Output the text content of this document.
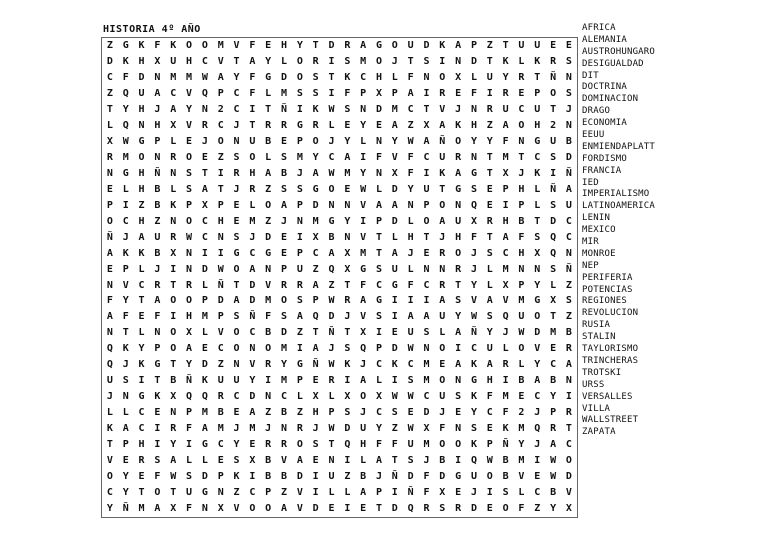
HISTORIA 4º AÑO
Z G K F K O O M V F E H Y T D R A G O U D K A P Z T U U E E
D K H X U H C V T A Y L O R I S M O J T S I N D T K L K R S
C F D N M M W A Y F G D O S T K C H L F N O X L U Y R T Ñ N
Z Q U A C V Q P C F L M S S I F P X P A I R E F I R E P O S
T Y H J A Y N 2 C I T Ñ I K W S N D M C T V J N R U C U T J
L Q N H X V R C J T R R G R L E Y E A Z X A K H Z A O H 2 N
X W G P L E J O N U B E P O J Y L N Y W A Ñ O Y Y F N G U B
R M O N R O E Z S O L S M Y C A I F V F C U R N T M T C S D
N G H Ñ N S T I R H A B J A W M Y N X F I K A G T X J K I Ñ
E L H B L S A T J R Z S S G O E W L D Y U T G S E P H L Ñ A
P I Z B K P X P E L O A P D N N V A A N P O N Q E I P L S U
O C H Z N O C H E M Z J N M G Y I P D L O A U X R H B T D C
Ñ J A U R W C N S J D E I X B N V T L H T J H F T A F S Q C
A K K B X N I I G C G E P C A X M T A J E R O J S C H X Q N
E P L J I N D W O A N P U Z Q X G S U L N N R J L M N N S Ñ
N V C R T R L Ñ T D V R R A Z T F C G F C R T Y L X P Y L Z
F Y T A O O P D A D M O S P W R A G I I I A S V A V M G X S
A F E F I H M P S Ñ F S A Q D J V S I A A U Y W S Q U O T Z
N T L N O X L V O C B D Z T Ñ T X I E U S L A Ñ Y J W D M B
Q K Y P O A E C O N O M I A J S Q P D W N O I C U L O V E R
Q J K G T Y D Z N V R Y G Ñ W K J C K C M E A K A R L Y C A
U S I T B Ñ K U U Y I M P E R I A L I S M O N G H I B A B N
J N G K X Q Q R C D N C L X L X O X W W C U S K F M E C Y I
L L C E N P M B E A Z B Z H P S J C S E D J E Y C F 2 J P R
K A C I R F A M J M J N R J W D U Y Z W X F N S E K M Q R T
T P H I Y I G C Y E R R O S T Q H F F U M O O K P Ñ Y J A C
V E R S A L L E S X B V A E N I L A T S J B I Q W B M I W O
O Y E F W S D P K I B B D I U Z B J Ñ D F D G U O B V E W D
C Y T O T U G N Z C P Z V I L L A P I Ñ F X E J I S L C B V
Y Ñ M A X F N X V O O A V D E I E T D Q R S R D E O F Z Y X
AFRICA
ALEMANIA
AUSTROHUNGARO
DESIGUALDAD
DIT
DOCTRINA
DOMINACION
DRAGO
ECONOMIA
EEUU
ENMIENDAPLATT
FORDISMO
FRANCIA
IED
IMPERIALISMO
LATINOAMERICA
LENIN
MEXICO
MIR
MONROE
NEP
PERIFERIA
POTENCIAS
REGIONES
REVOLUCION
RUSIA
STALIN
TAYLORISMO
TRINCHERAS
TROTSKI
URSS
VERSALLES
VILLA
WALLSTREET
ZAPATA
